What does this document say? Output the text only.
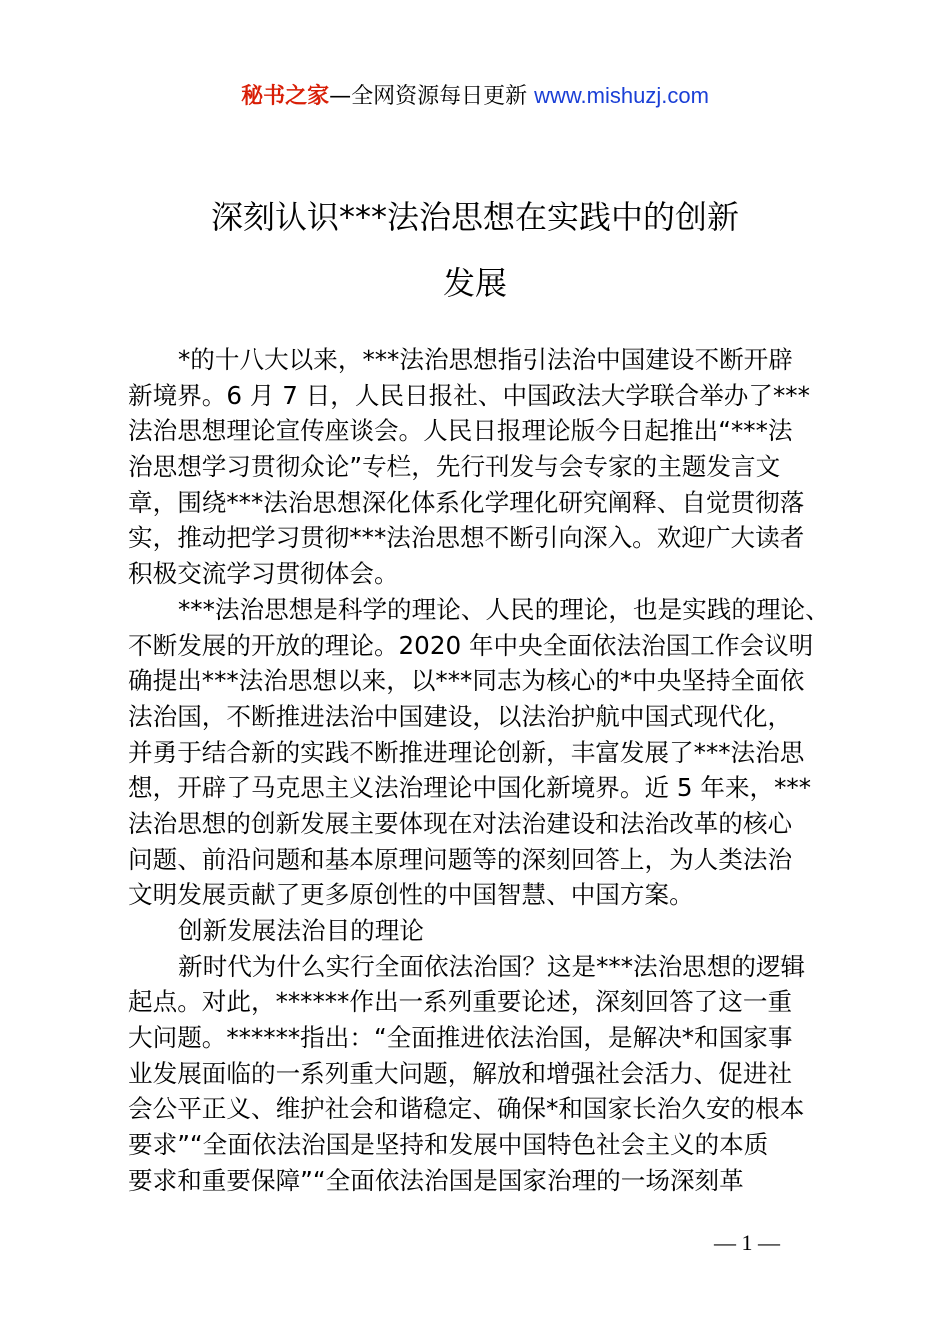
秘书之家—全网资源每日更新 www.mishuzj.com
深刻认识***法治思想在实践中的创新
发展
*的十八大以来，***法治思想指引法治中国建设不断开辟
新境界。6 月 7 日，人民日报社、中国政法大学联合举办了***
法治思想理论宣传座谈会。人民日报理论版今日起推出“***法
治思想学习贯彻众论”专栏，先行刊发与会专家的主题发言文
章，围绕***法治思想深化体系化学理化研究阐释、自觉贯彻落
实，推动把学习贯彻***法治思想不断引向深入。欢迎广大读者
积极交流学习贯彻体会。
***法治思想是科学的理论、人民的理论，也是实践的理论、
不断发展的开放的理论。2020 年中央全面依法治国工作会议明
确提出***法治思想以来，以***同志为核心的*中央坚持全面依
法治国，不断推进法治中国建设，以法治护航中国式现代化，
并勇于结合新的实践不断推进理论创新，丰富发展了***法治思
想，开辟了马克思主义法治理论中国化新境界。近 5 年来，***
法治思想的创新发展主要体现在对法治建设和法治改革的核心
问题、前沿问题和基本原理问题等的深刻回答上，为人类法治
文明发展贡献了更多原创性的中国智慧、中国方案。
创新发展法治目的理论
新时代为什么实行全面依法治国？这是***法治思想的逻辑
起点。对此，******作出一系列重要论述，深刻回答了这一重
大问题。******指出：“全面推进依法治国，是解决*和国家事
业发展面临的一系列重大问题，解放和增强社会活力、促进社
会公平正义、维护社会和谐稳定、确保*和国家长治久安的根本
要求”“全面依法治国是坚持和发展中国特色社会主义的本质
要求和重要保障”“全面依法治国是国家治理的一场深刻革
— 1 —
